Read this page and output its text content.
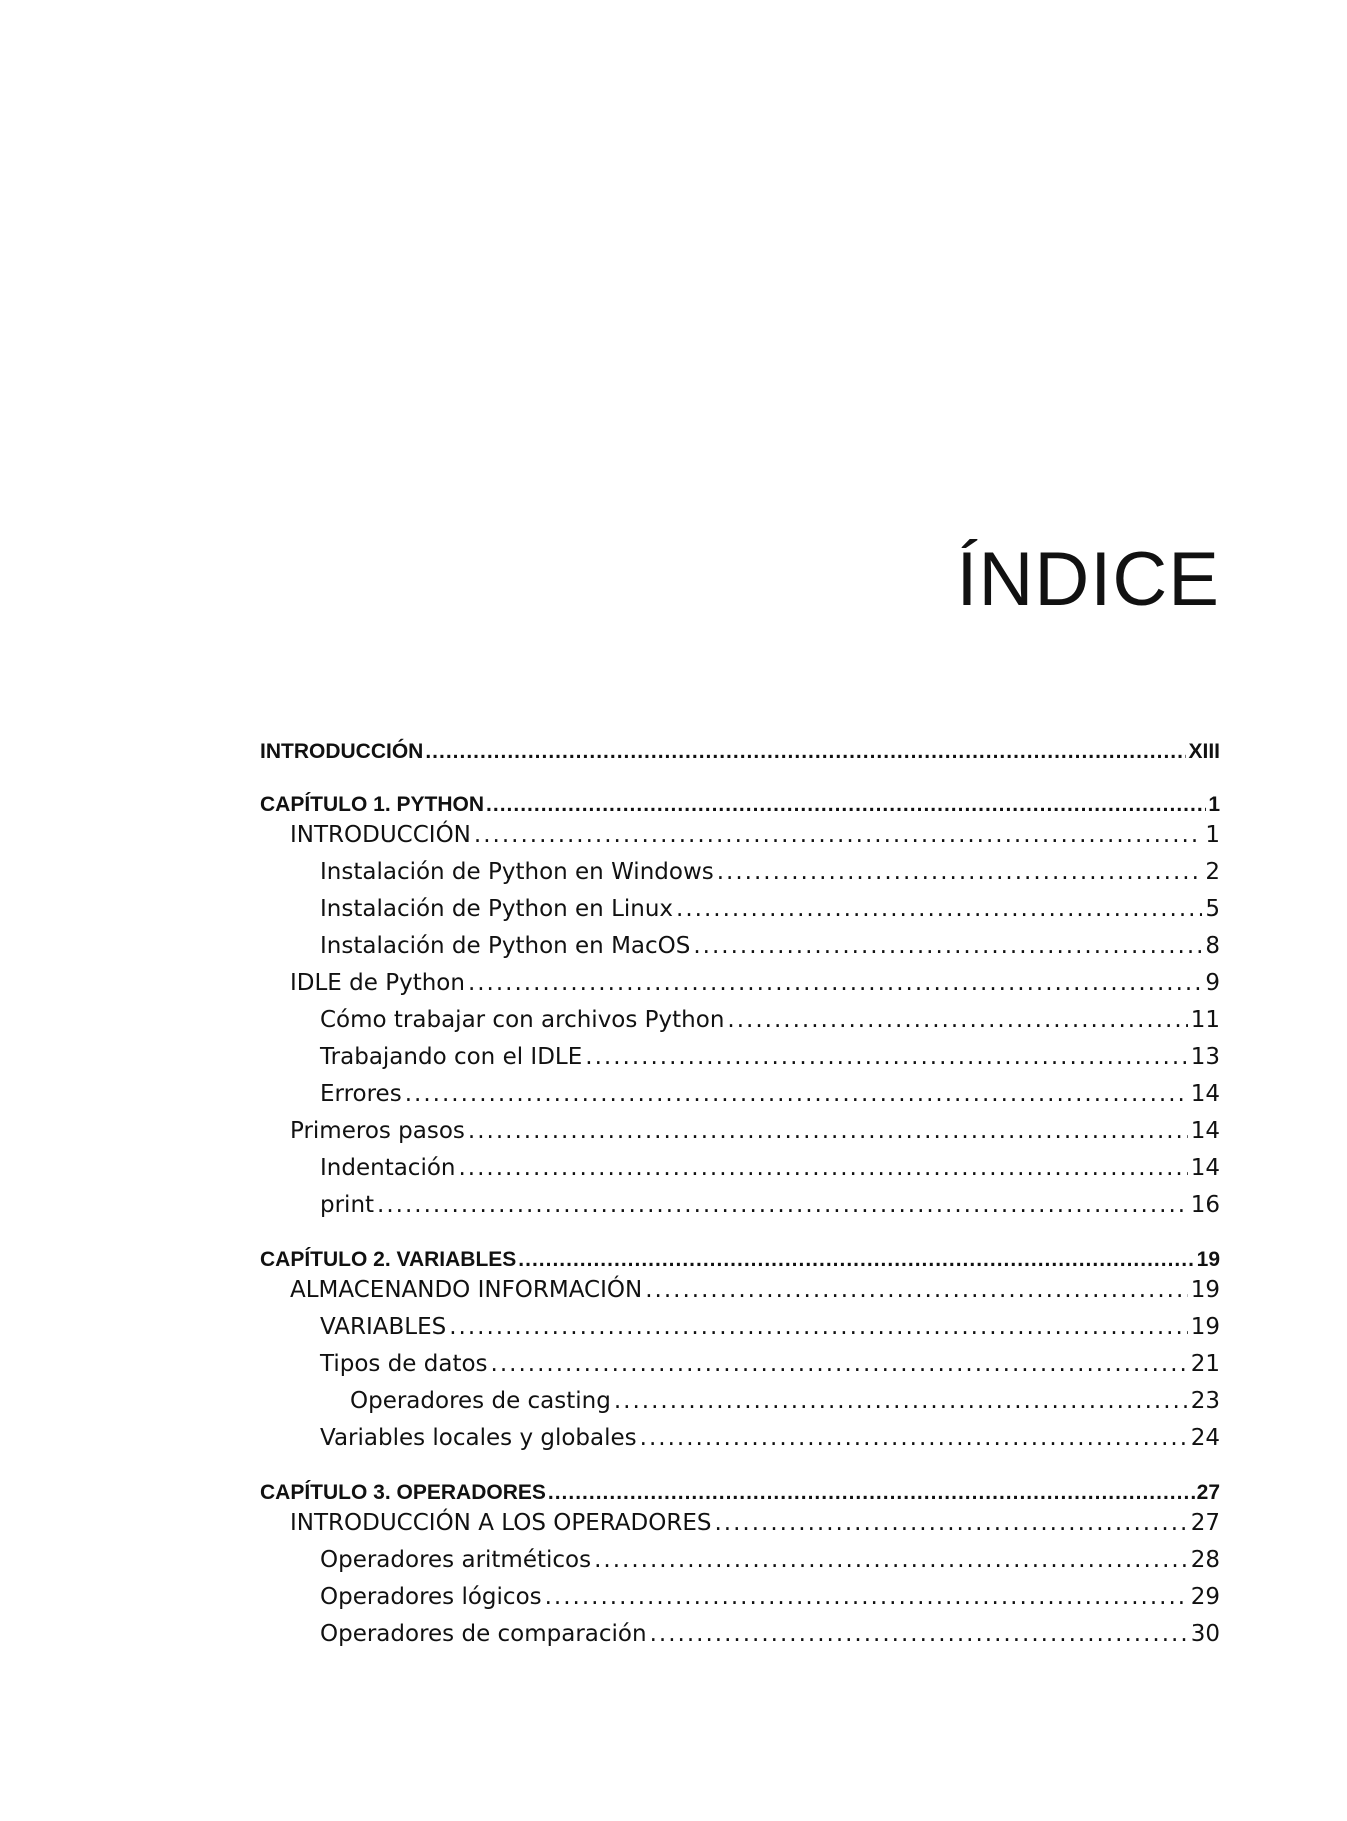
ÍNDICE
INTRODUCCIÓN .....	XIII
CAPÍTULO 1. PYTHON .....	1
INTRODUCCIÓN .....	1
Instalación de Python en Windows .....	2
Instalación de Python en Linux .....	5
Instalación de Python en MacOS .....	8
IDLE de Python .....	9
Cómo trabajar con archivos Python .....	11
Trabajando con el IDLE .....	13
Errores .....	14
Primeros pasos .....	14
Indentación .....	14
print .....	16
CAPÍTULO 2. VARIABLES .....	19
ALMACENANDO INFORMACIÓN .....	19
VARIABLES .....	19
Tipos de datos .....	21
Operadores de casting .....	23
Variables locales y globales .....	24
CAPÍTULO 3. OPERADORES .....	27
INTRODUCCIÓN A LOS OPERADORES .....	27
Operadores aritméticos .....	28
Operadores lógicos .....	29
Operadores de comparación .....	30
